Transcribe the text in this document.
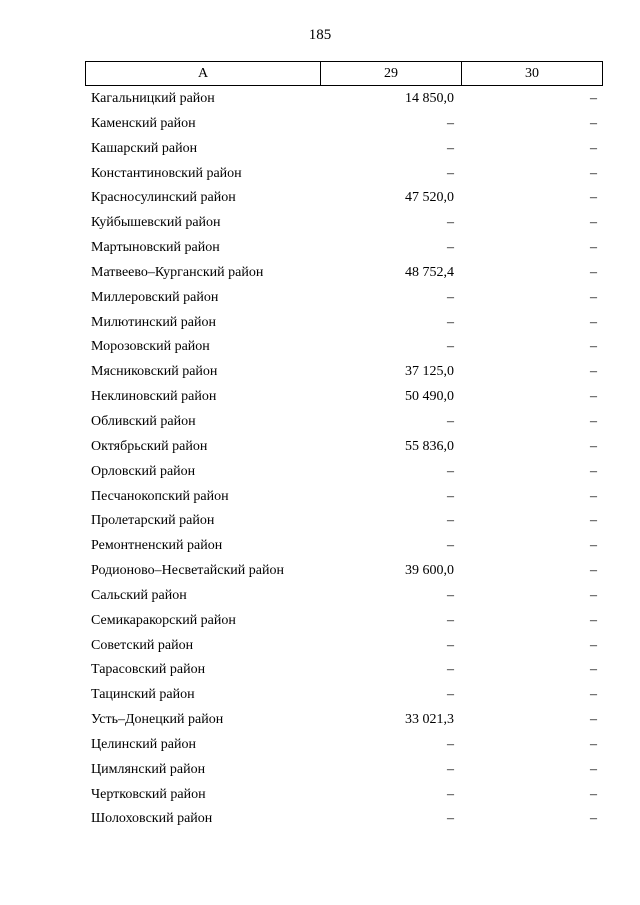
185
А	29	30
Кагальницкий район	14 850,0	–
Каменский район	–	–
Кашарский район	–	–
Константиновский район	–	–
Красносулинский район	47 520,0	–
Куйбышевский район	–	–
Мартыновский район	–	–
Матвеево–Курганский район	48 752,4	–
Миллеровский район	–	–
Милютинский район	–	–
Морозовский район	–	–
Мясниковский район	37 125,0	–
Неклиновский район	50 490,0	–
Обливский район	–	–
Октябрьский район	55 836,0	–
Орловский район	–	–
Песчанокопский район	–	–
Пролетарский район	–	–
Ремонтненский район	–	–
Родионово–Несветайский район	39 600,0	–
Сальский район	–	–
Семикаракорский район	–	–
Советский район	–	–
Тарасовский район	–	–
Тацинский район	–	–
Усть–Донецкий район	33 021,3	–
Целинский район	–	–
Цимлянский район	–	–
Чертковский район	–	–
Шолоховский район	–	–
